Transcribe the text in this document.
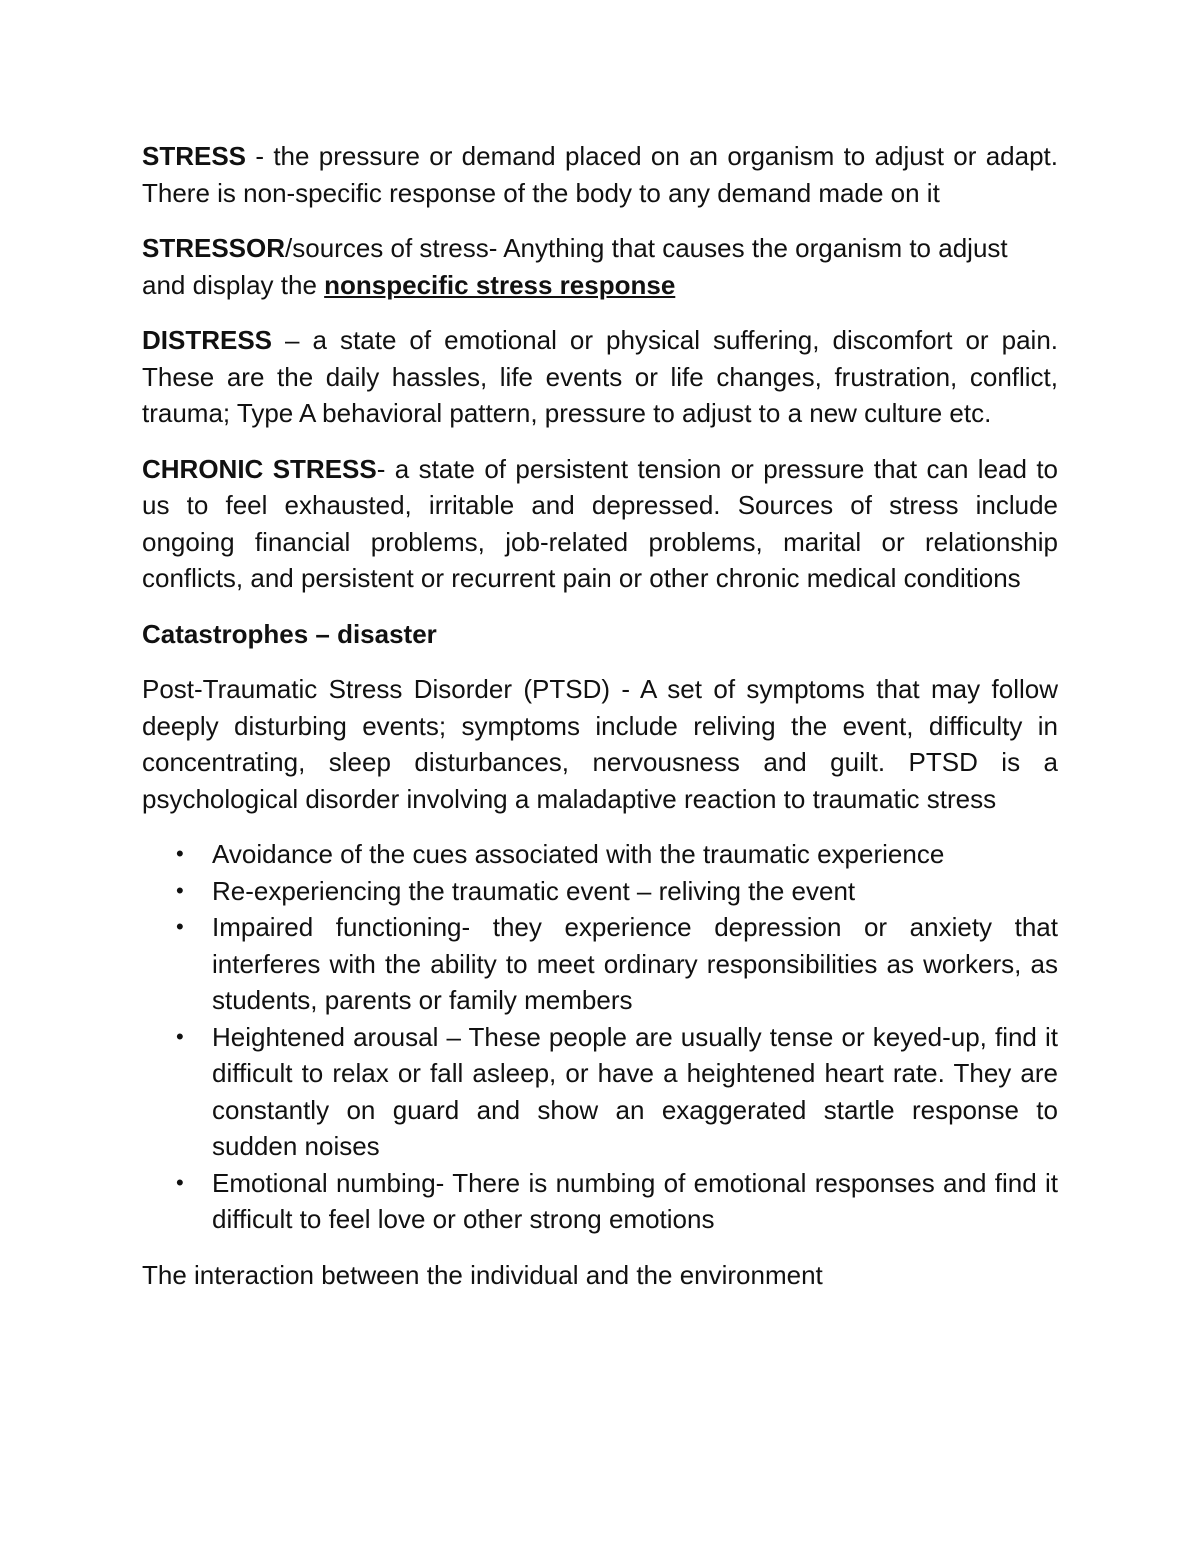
STRESS - the pressure or demand placed on an organism to adjust or adapt. There is non-specific response of the body to any demand made on it

STRESSOR/sources of stress- Anything that causes the organism to adjust and display the nonspecific stress response

DISTRESS – a state of emotional or physical suffering, discomfort or pain. These are the daily hassles, life events or life changes, frustration, conflict, trauma; Type A behavioral pattern, pressure to adjust to a new culture etc.

CHRONIC STRESS- a state of persistent tension or pressure that can lead to us to feel exhausted, irritable and depressed. Sources of stress include ongoing financial problems, job-related problems, marital or relationship conflicts, and persistent or recurrent pain or other chronic medical conditions

Catastrophes – disaster

Post-Traumatic Stress Disorder (PTSD) - A set of symptoms that may follow deeply disturbing events; symptoms include reliving the event, difficulty in concentrating, sleep disturbances, nervousness and guilt. PTSD is a psychological disorder involving a maladaptive reaction to traumatic stress

• Avoidance of the cues associated with the traumatic experience
• Re-experiencing the traumatic event – reliving the event
• Impaired functioning- they experience depression or anxiety that interferes with the ability to meet ordinary responsibilities as workers, as students, parents or family members
• Heightened arousal – These people are usually tense or keyed-up, find it difficult to relax or fall asleep, or have a heightened heart rate. They are constantly on guard and show an exaggerated startle response to sudden noises
• Emotional numbing- There is numbing of emotional responses and find it difficult to feel love or other strong emotions

The interaction between the individual and the environment
